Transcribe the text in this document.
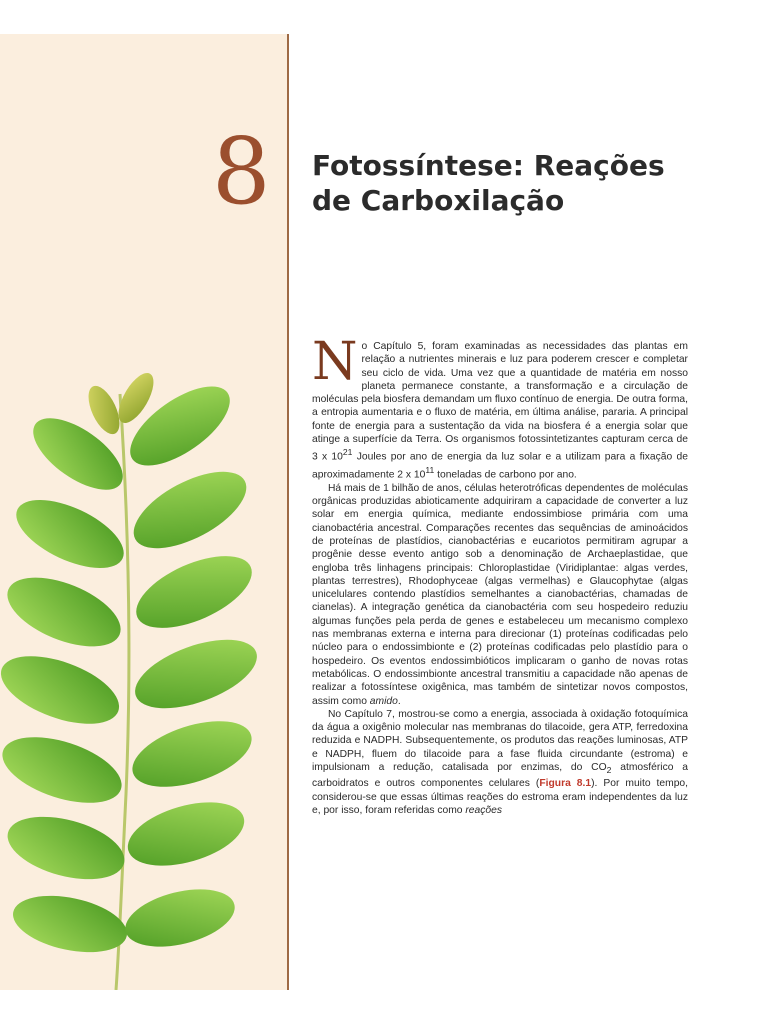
8	Fotossíntese: Reações
de Carboxilação

No Capítulo 5, foram examinadas as necessidades das plantas em relação a nutrientes minerais e luz para poderem crescer e completar seu ciclo de vida. Uma vez que a quantidade de matéria em nosso planeta permanece constante, a transformação e a circulação de moléculas pela biosfera demandam um fluxo contínuo de energia. De outra forma, a entropia aumentaria e o fluxo de matéria, em última análise, pararia. A principal fonte de energia para a sustentação da vida na biosfera é a energia solar que atinge a superfície da Terra. Os organismos fotossintetizantes capturam cerca de 3 x $10^{21}$ Joules por ano de energia da luz solar e a utilizam para a fixação de aproximadamente 2 x $10^{11}$ toneladas de carbono por ano.

Há mais de 1 bilhão de anos, células heterotróficas dependentes de moléculas orgânicas produzidas abioticamente adquiriram a capacidade de converter a luz solar em energia química, mediante endossimbiose primária com uma cianobactéria ancestral. Comparações recentes das sequências de aminoácidos de proteínas de plastídios, cianobactérias e eucariotos permitiram agrupar a progênie desse evento antigo sob a denominação de Archaeplastidae, que engloba três linhagens principais: Chloroplastidae (Viridiplantae: algas verdes, plantas terrestres), Rhodophyceae (algas vermelhas) e Glaucophytae (algas unicelulares contendo plastídios semelhantes a cianobactérias, chamadas de cianelas). A integração genética da cianobactéria com seu hospedeiro reduziu algumas funções pela perda de genes e estabeleceu um mecanismo complexo nas membranas externa e interna para direcionar (1) proteínas codificadas pelo núcleo para o endossimbionte e (2) proteínas codificadas pelo plastídio para o hospedeiro. Os eventos endossimbióticos implicaram o ganho de novas rotas metabólicas. O endossimbionte ancestral transmitiu a capacidade não apenas de realizar a fotossíntese oxigênica, mas também de sintetizar novos compostos, assim como amido.

No Capítulo 7, mostrou-se como a energia, associada à oxidação fotoquímica da água a oxigênio molecular nas membranas do tilacoide, gera ATP, ferredoxina reduzida e NADPH. Subsequentemente, os produtos das reações luminosas, ATP e NADPH, fluem do tilacoide para a fase fluida circundante (estroma) e impulsionam a redução, catalisada por enzimas, do $CO_2$ atmosférico a carboidratos e outros componentes celulares (Figura 8.1). Por muito tempo, considerou-se que essas últimas reações do estroma eram independentes da luz e, por isso, foram referidas como reações
